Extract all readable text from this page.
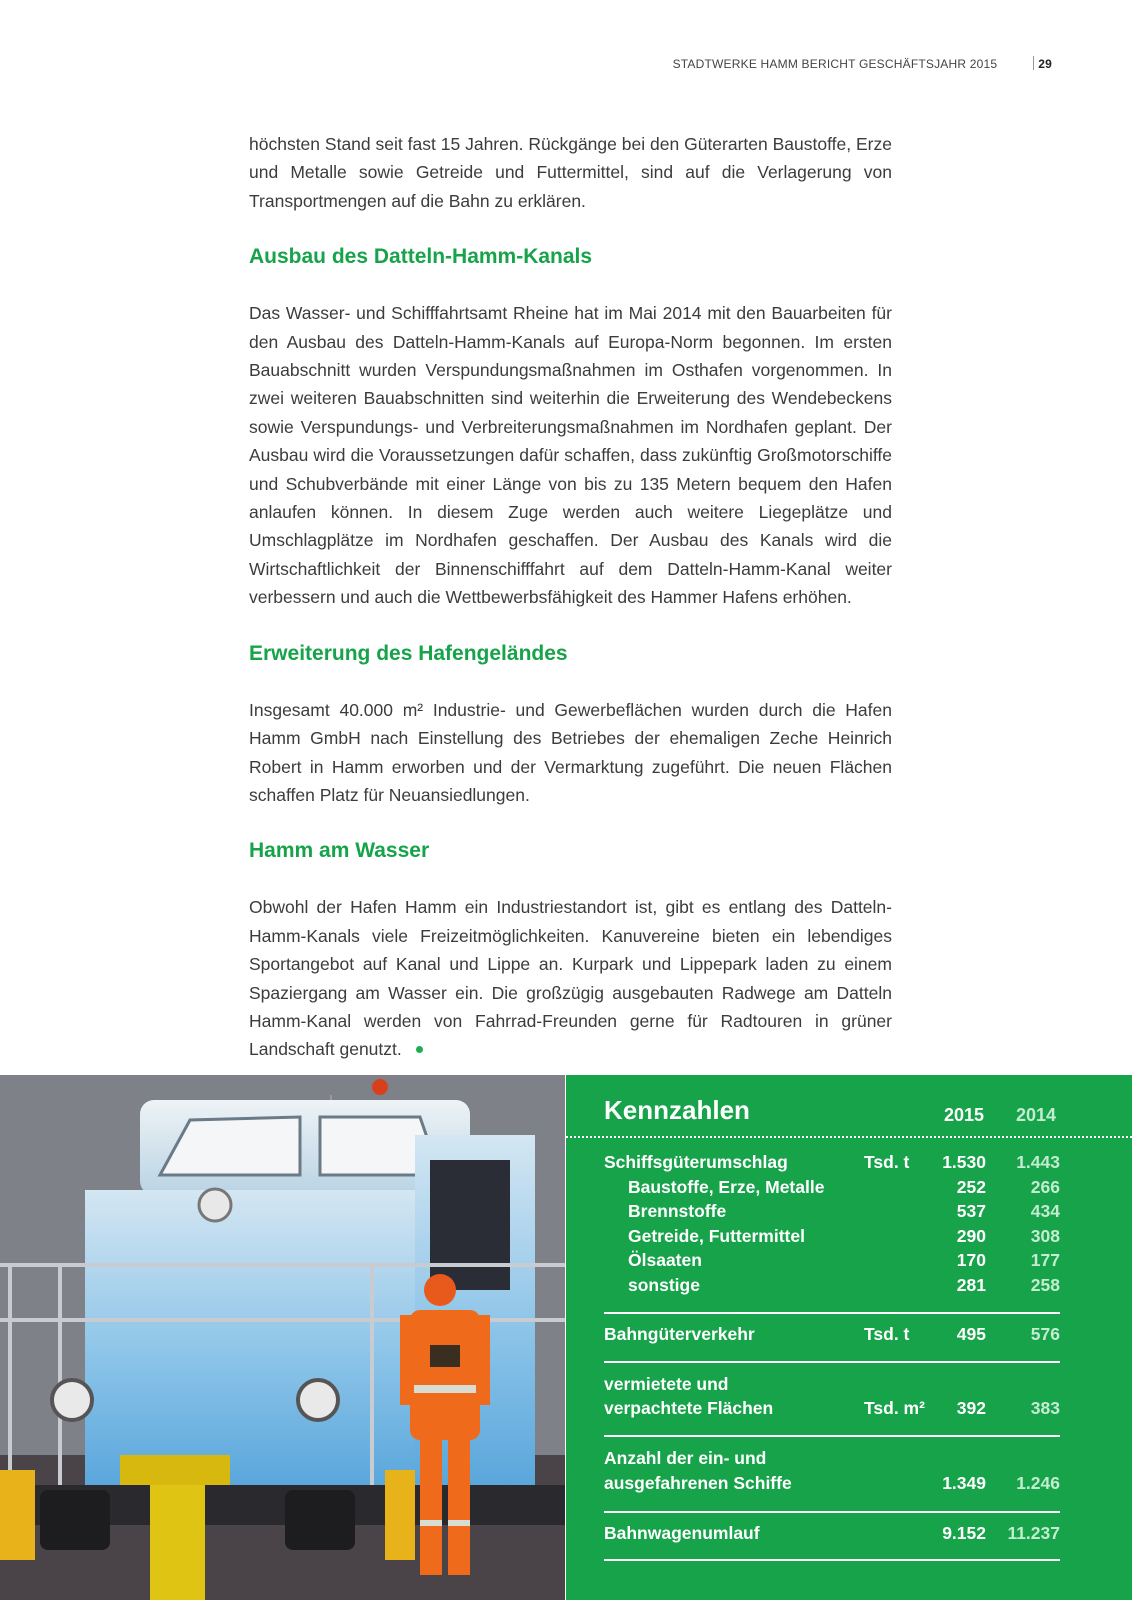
STADTWERKE HAMM BERICHT GESCHÄFTSJAHR 2015	29

höchsten Stand seit fast 15 Jahren. Rückgänge bei den Güterarten Baustoffe, Erze und Metalle sowie Getreide und Futtermittel, sind auf die Verlagerung von Transportmengen auf die Bahn zu erklären.

Ausbau des Datteln-Hamm-Kanals

Das Wasser- und Schifffahrtsamt Rheine hat im Mai 2014 mit den Bauarbeiten für den Ausbau des Datteln-Hamm-Kanals auf Europa-Norm begonnen. Im ersten Bauabschnitt wurden Verspundungsmaßnahmen im Osthafen vorgenommen. In zwei weiteren Bauabschnitten sind weiterhin die Erweiterung des Wendebeckens sowie Verspundungs- und Verbreiterungsmaßnahmen im Nordhafen geplant. Der Ausbau wird die Voraussetzungen dafür schaffen, dass zukünftig Großmotorschiffe und Schubverbände mit einer Länge von bis zu 135 Metern bequem den Hafen anlaufen können. In diesem Zuge werden auch weitere Liegeplätze und Umschlagplätze im Nordhafen geschaffen. Der Ausbau des Kanals wird die Wirtschaftlichkeit der Binnenschifffahrt auf dem Datteln-Hamm-Kanal weiter verbessern und auch die Wettbewerbsfähigkeit des Hammer Hafens erhöhen.

Erweiterung des Hafengeländes

Insgesamt 40.000 m² Industrie- und Gewerbeflächen wurden durch die Hafen Hamm GmbH nach Einstellung des Betriebes der ehemaligen Zeche Heinrich Robert in Hamm erworben und der Vermarktung zugeführt. Die neuen Flächen schaffen Platz für Neuansiedlungen.

Hamm am Wasser

Obwohl der Hafen Hamm ein Industriestandort ist, gibt es entlang des Datteln-Hamm-Kanals viele Freizeitmöglichkeiten. Kanuvereine bieten ein lebendiges Sportangebot auf Kanal und Lippe an. Kurpark und Lippepark laden zu einem Spaziergang am Wasser ein. Die großzügig ausgebauten Radwege am Datteln Hamm-Kanal werden von Fahrrad-Freunden gerne für Radtouren in grüner Landschaft genutzt.

Kennzahlen	2015 2014
Schiffsgüterumschlag	Tsd. t 1.530 1.443
Baustoffe, Erze, Metalle	252	266
Brennstoffe	537	434
Getreide, Futtermittel	290	308
Ölsaaten	170	177
sonstige	281	258
Bahngüterverkehr	Tsd. t	495	576
vermietete und
verpachtete Flächen	Tsd. m² 392	383
Anzahl der ein- und
ausgefahrenen Schiffe	1.349 1.246
Bahnwagenumlauf	9.152 11.237
